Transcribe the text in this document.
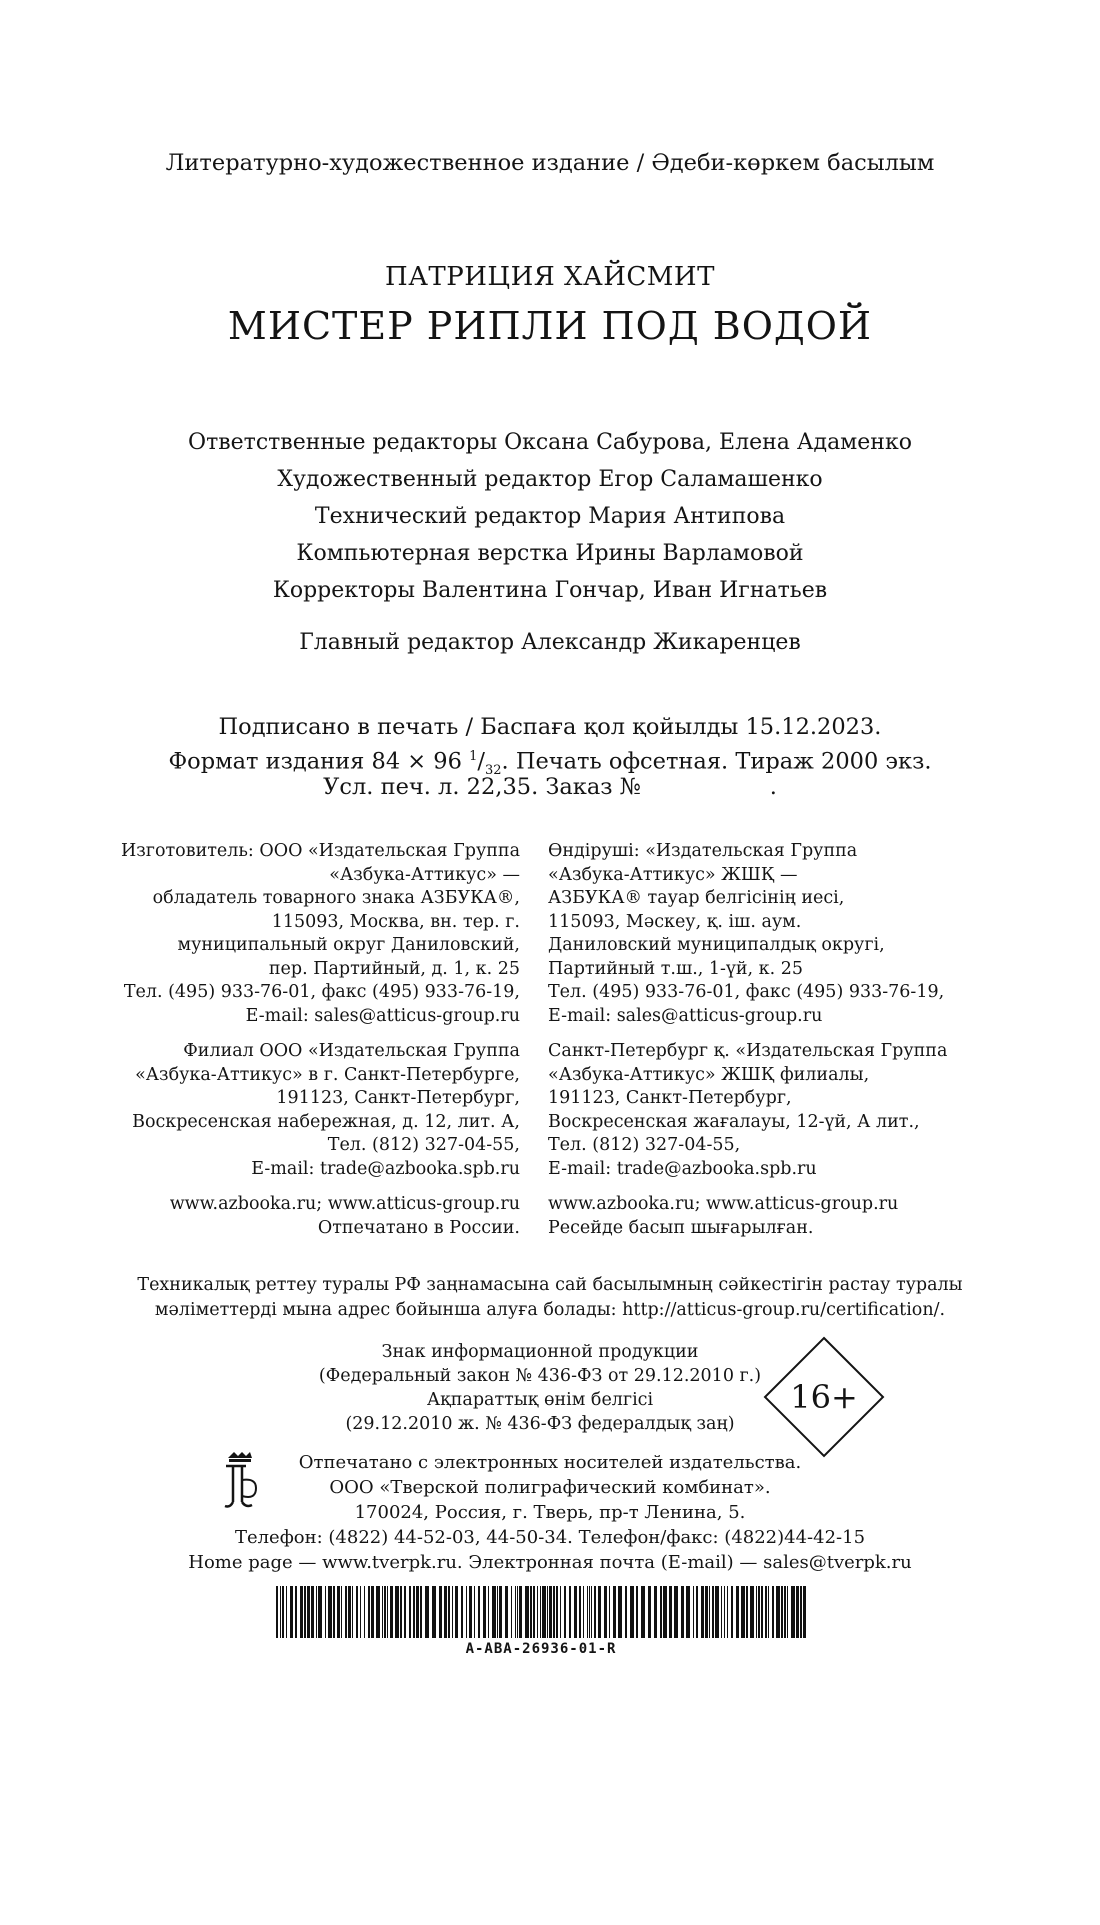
Литературно-художественное издание / Әдеби-көркем басылым
ПАТРИЦИЯ ХАЙСМИТ
МИСТЕР РИПЛИ ПОД ВОДОЙ
Ответственные редакторы Оксана Сабурова, Елена Адаменко
Художественный редактор Егор Саламашенко
Технический редактор Мария Антипова
Компьютерная верстка Ирины Варламовой
Корректоры Валентина Гончар, Иван Игнатьев
Главный редактор Александр Жикаренцев
Подписано в печать / Баспаға қол қойылды 15.12.2023.
Формат издания 84 × 96 $^1/_{32}$. Печать офсетная. Тираж 2000 экз.
Усл. печ. л. 22,35. Заказ №                  .
Изготовитель: ООО «Издательская Группа
«Азбука-Аттикус» —
обладатель товарного знака АЗБУКА®,
115093, Москва, вн. тер. г.
муниципальный округ Даниловский,
пер. Партийный, д. 1, к. 25
Тел. (495) 933-76-01, факс (495) 933-76-19,
E-mail: sales@atticus-group.ru
Филиал ООО «Издательская Группа
«Азбука-Аттикус» в г. Санкт-Петербурге,
191123, Санкт-Петербург,
Воскресенская набережная, д. 12, лит. А,
Тел. (812) 327-04-55,
E-mail: trade@azbooka.spb.ru
www.azbooka.ru; www.atticus-group.ru
Отпечатано в России.
Өндіруші: «Издательская Группа
«Азбука-Аттикус» ЖШҚ —
АЗБУКА® тауар белгісінің иесі,
115093, Мәскеу, қ. іш. аум.
Даниловский муниципалдық округі,
Партийный т.ш., 1-үй, к. 25
Тел. (495) 933-76-01, факс (495) 933-76-19,
E-mail: sales@atticus-group.ru
Санкт-Петербург қ. «Издательская Группа
«Азбука-Аттикус» ЖШҚ филиалы,
191123, Санкт-Петербург,
Воскресенская жағалауы, 12-үй, А лит.,
Тел. (812) 327-04-55,
E-mail: trade@azbooka.spb.ru
www.azbooka.ru; www.atticus-group.ru
Ресейде басып шығарылған.
Техникалық реттеу туралы РФ заңнамасына сай басылымның сәйкестігін растау туралы
мәліметтерді мына адрес бойынша алуға болады: http://atticus-group.ru/certification/.
Знак информационной продукции
(Федеральный закон № 436-ФЗ от 29.12.2010 г.)
Ақпараттық өнім белгісі
(29.12.2010 ж. № 436-ФЗ федералдық заң)
16+
Отпечатано с электронных носителей издательства.
ООО «Тверской полиграфический комбинат».
170024, Россия, г. Тверь, пр-т Ленина, 5.
Телефон: (4822) 44-52-03, 44-50-34. Телефон/факс: (4822)44-42-15
Home page — www.tverpk.ru. Электронная почта (E-mail) — sales@tverpk.ru
A-ABA-26936-01-R
